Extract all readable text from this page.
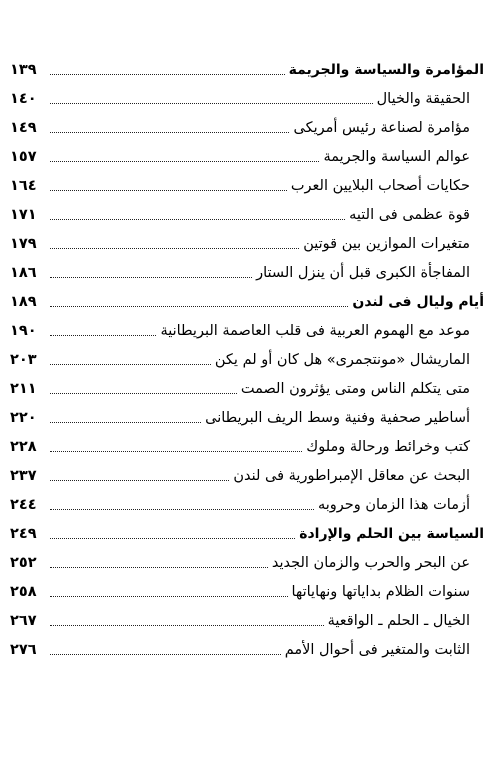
المؤامرة والسياسة والجريمة
١٣٩
الحقيقة والخيال
١٤٠
مؤامرة لصناعة رئيس أمريكى
١٤٩
عوالم السياسة والجريمة
١٥٧
حكايات أصحاب البلايين العرب
١٦٤
قوة عظمى فى التيه
١٧١
متغيرات الموازين بين قوتين
١٧٩
المفاجأة الكبرى قبل أن ينزل الستار
١٨٦
أيام وليال فى لندن
١٨٩
موعد مع الهموم العربية فى قلب العاصمة البريطانية
١٩٠
الماريشال «مونتجمرى» هل كان أو لم يكن
٢٠٣
متى يتكلم الناس ومتى يؤثرون الصمت
٢١١
أساطير صحفية وفنية وسط الريف البريطانى
٢٢٠
كتب وخرائط ورحالة وملوك
٢٢٨
البحث عن معاقل الإمبراطورية فى لندن
٢٣٧
أزمات هذا الزمان وحروبه
٢٤٤
السياسة بين الحلم والإرادة
٢٤٩
عن البحر والحرب والزمان الجديد
٢٥٢
سنوات الظلام بداياتها ونهاياتها
٢٥٨
الخيال ـ الحلم ـ الواقعية
٢٦٧
الثابت والمتغير فى أحوال الأمم
٢٧٦
